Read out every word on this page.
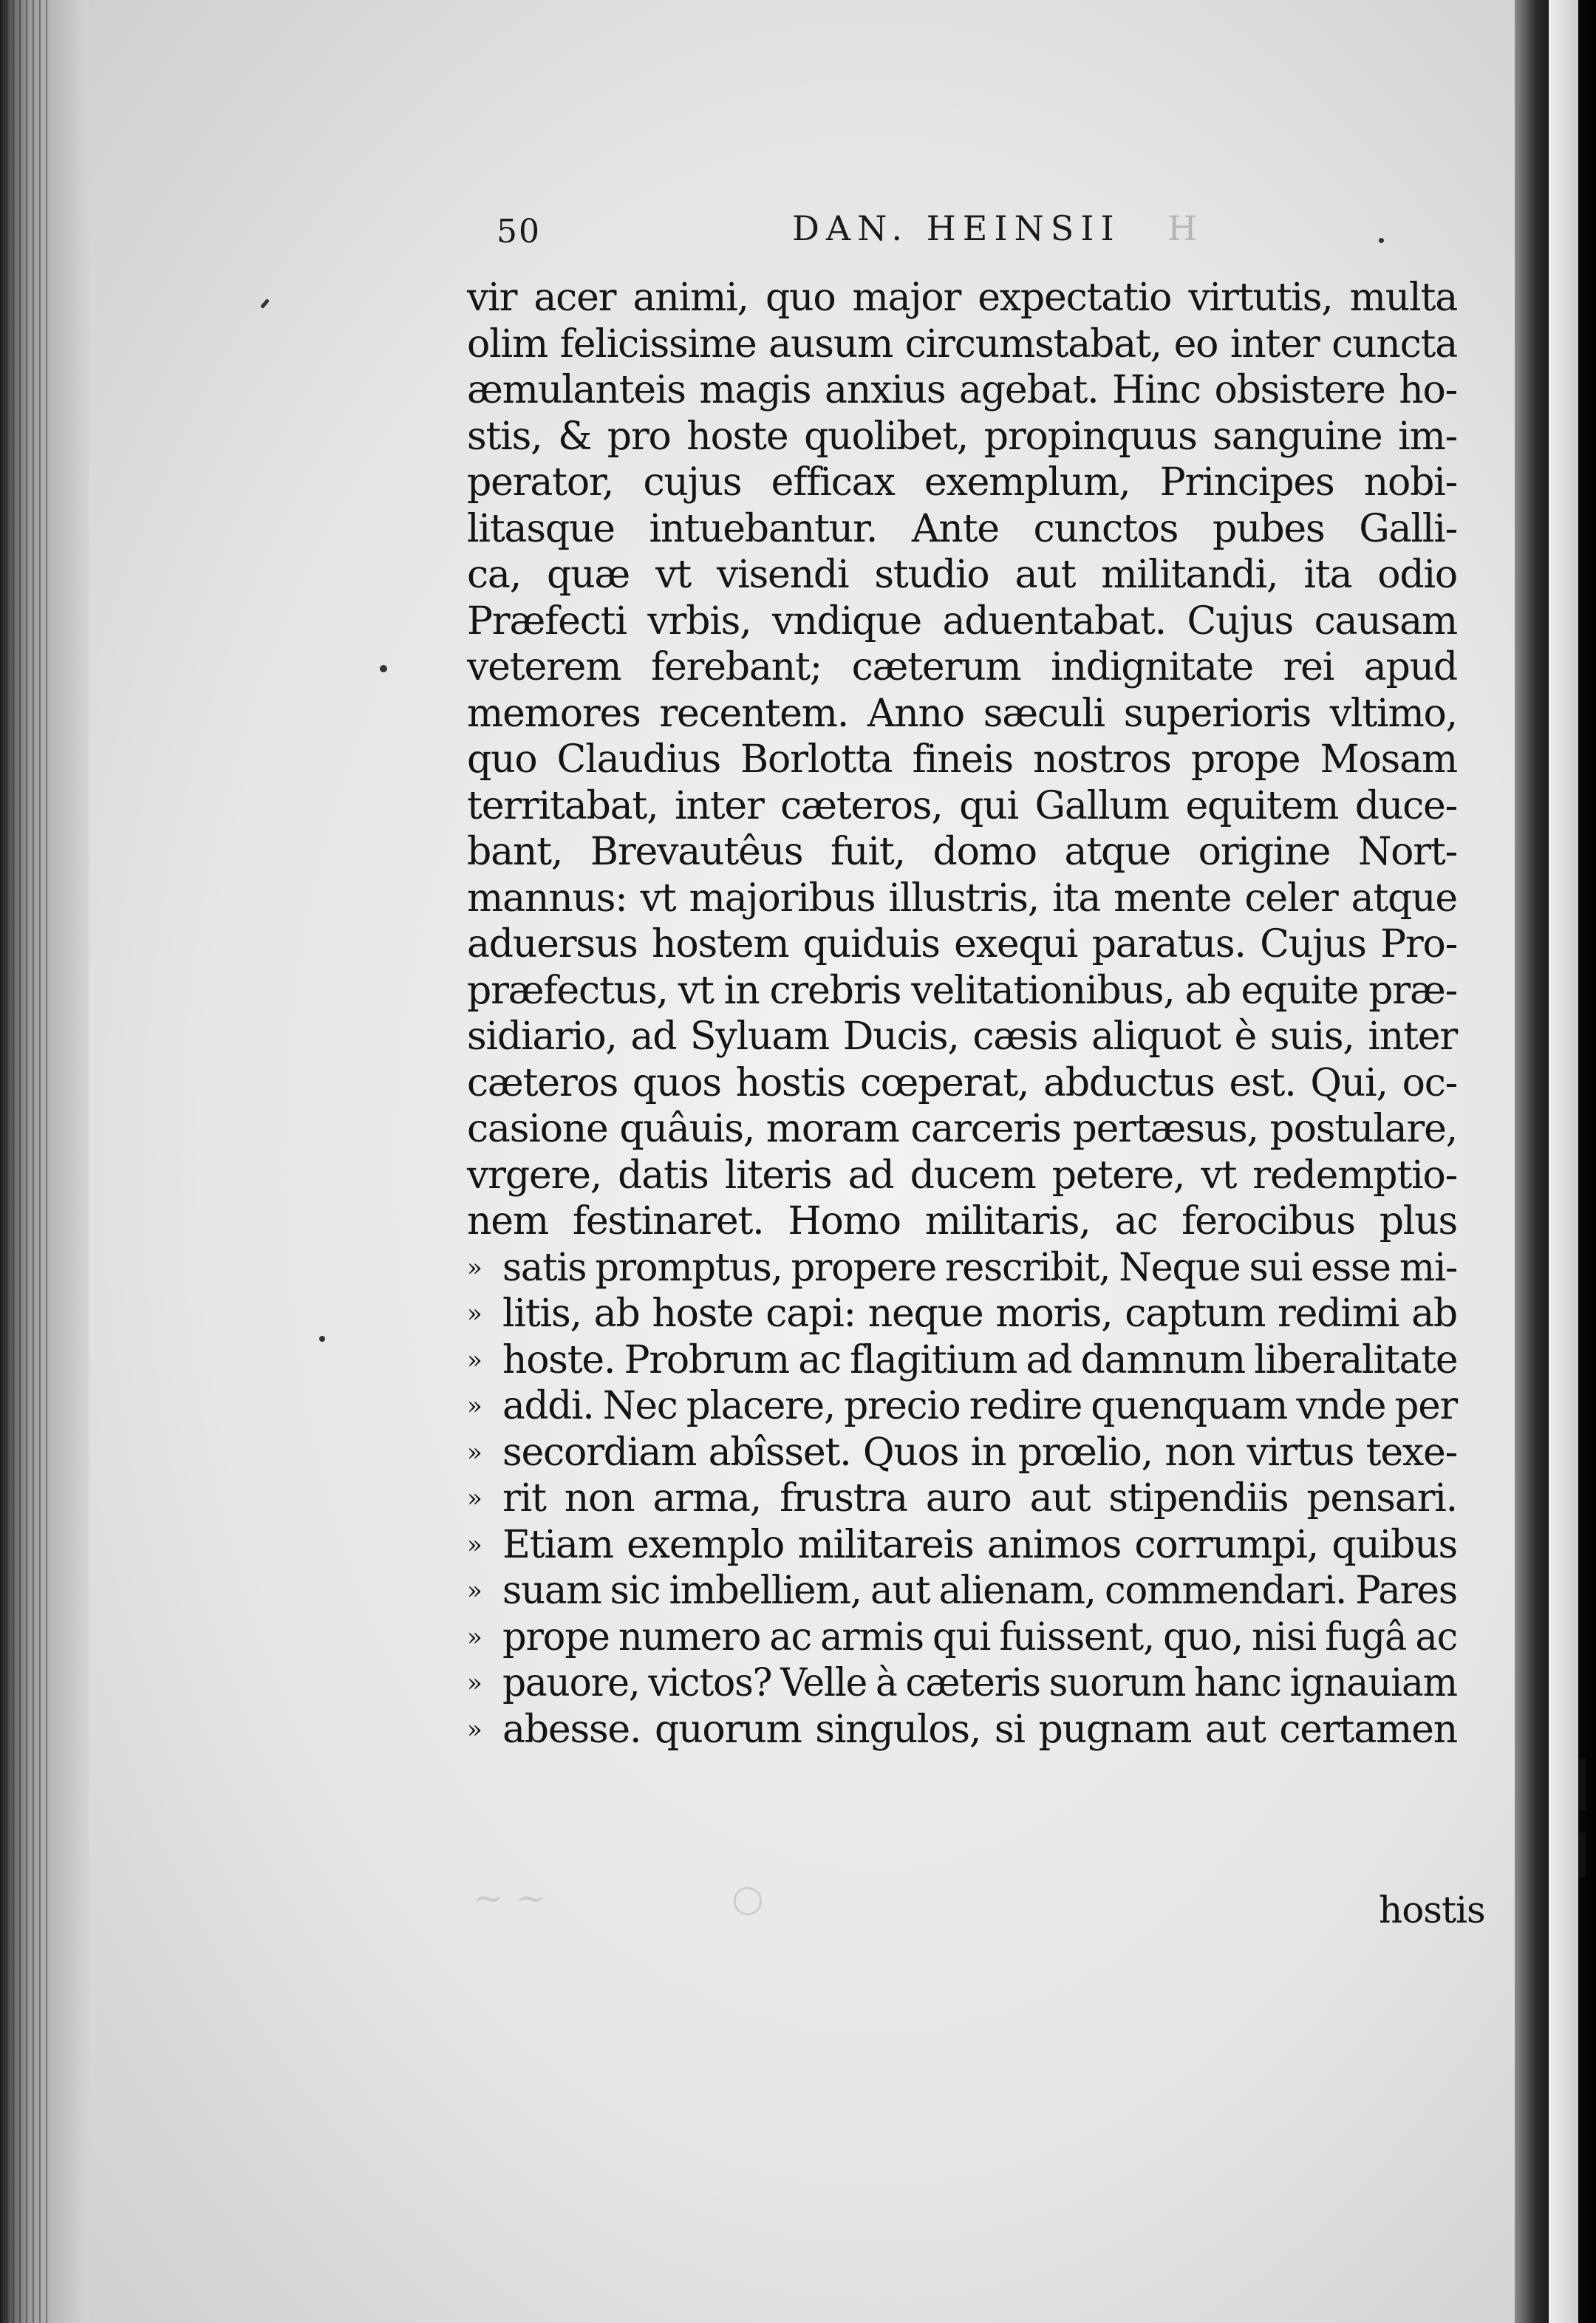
~ ~	○
50	DAN. HEINSII H
vir acer animi, quo major expectatio virtutis, multa
olim felicissime ausum circumstabat, eo inter cuncta
æmulanteis magis anxius agebat. Hinc obsistere ho-
stis, & pro hoste quolibet, propinquus sanguine im-
perator, cujus efficax exemplum, Principes nobi-
litasque intuebantur. Ante cunctos pubes Galli-
ca, quæ vt visendi studio aut militandi, ita odio
Præfecti vrbis, vndique aduentabat. Cujus causam
veterem ferebant; cæterum indignitate rei apud
memores recentem. Anno sæculi superioris vltimo,
quo Claudius Borlotta fineis nostros prope Mosam
territabat, inter cæteros, qui Gallum equitem duce-
bant, Brevautêus fuit, domo atque origine Nort-
mannus: vt majoribus illustris, ita mente celer atque
aduersus hostem quiduis exequi paratus. Cujus Pro-
præfectus, vt in crebris velitationibus, ab equite præ-
sidiario, ad Syluam Ducis, cæsis aliquot è suis, inter
cæteros quos hostis cœperat, abductus est. Qui, oc-
casione quâuis, moram carceris pertæsus, postulare,
vrgere, datis literis ad ducem petere, vt redemptio-
nem festinaret. Homo militaris, ac ferocibus plus
» satis promptus, propere rescribit, Neque sui esse mi-
» litis, ab hoste capi: neque moris, captum redimi ab
» hoste. Probrum ac flagitium ad damnum liberalitate
» addi. Nec placere, precio redire quenquam vnde per
» secordiam abîsset. Quos in prœlio, non virtus texe-
» rit non arma, frustra auro aut stipendiis pensari.
» Etiam exemplo militareis animos corrumpi, quibus
» suam sic imbelliem, aut alienam, commendari. Pares
» prope numero ac armis qui fuissent, quo, nisi fugâ ac
» pauore, victos? Velle à cæteris suorum hanc ignauiam
» abesse. quorum singulos, si pugnam aut certamen
hostis
